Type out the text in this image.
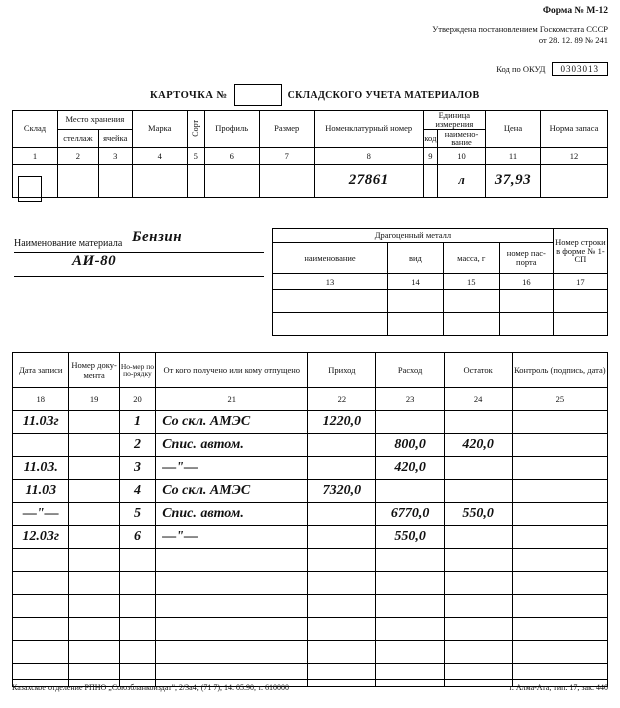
Форма № М-12
Утверждена постановлением Госкомстата СССР
от 28. 12. 89 № 241
Код по ОКУД	0303013
КАРТОЧКА №	СКЛАДСКОГО УЧЕТА МАТЕРИАЛОВ
Склад	Место хранения		Марка	Сорт	Профиль	Размер	Номенклатурный номер	Единица измерения		Цена	Норма запаса
	стеллаж	ячейка						код	наимено-вание		
1	2	3	4	5	6	7	8	9	10	11	12
							27861		л	37,93	
Наименование материала Бензин
АИ-80
Драгоценный металл				Номер строки в форме № 1-СП
наименование	вид	масса, г	номер пас-порта	
13	14	15	16	17

Дата записи	Номер доку-мента	Но-мер по по-рядку	От кого получено или кому отпущено	Приход	Расход	Остаток	Контроль (подпись, дата)
18	19	20	21	22	23	24	25
11.03г		1	Со скл. АМЭС	1220,0			
		2	Спис. автом.		800,0	420,0	
11.03.		3	—"—		420,0		
11.03		4	Со скл. АМЭС	7320,0			
—"—		5	Спис. автом.		6770,0	550,0	
12.03г		6	—"—		550,0		

Казахское отделение РПНО „Союзбланкоиздат", 2/3а4, (71 7), 14. 05.90, т. 610000	г. Алма-Ата, тип. 17, зак. 440
